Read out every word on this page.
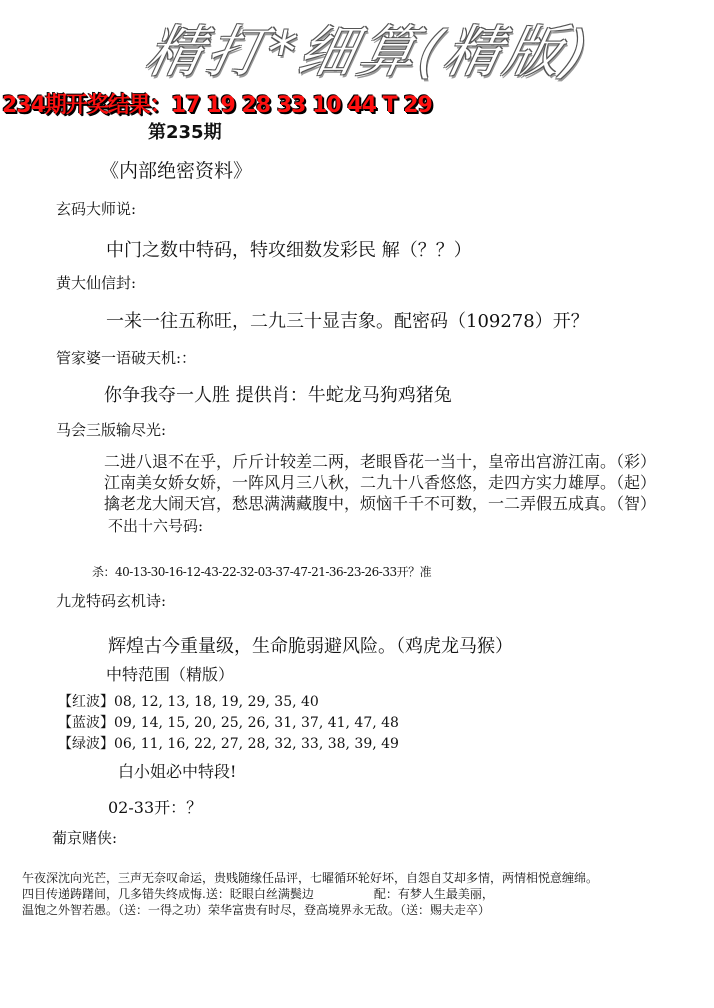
精打*细算(精版)
234期开奖结果：17 19 28 33 10 44 T 29
第235期
《内部绝密资料》
玄码大师说:
中门之数中特码，特攻细数发彩民 解（？？）
黄大仙信封:
一来一往五称旺，二九三十显吉象。配密码（109278）开？
管家婆一语破天机:：
你争我夺一人胜 提供肖：牛蛇龙马狗鸡猪兔
马会三版输尽光:
二进八退不在乎，斤斤计较差二两，老眼昏花一当十，皇帝出宫游江南。（彩）
江南美女娇女娇，一阵风月三八秋，二九十八香悠悠，走四方实力雄厚。（起）
擒老龙大闹天宫，愁思满满藏腹中，烦恼千千不可数，一二弄假五成真。（智）
不出十六号码:
杀：40-13-30-16-12-43-22-32-03-37-47-21-36-23-26-33开？准
九龙特码玄机诗:
辉煌古今重量级，生命脆弱避风险。（鸡虎龙马猴）
中特范围（精版）
【红波】08, 12, 13, 18, 19, 29, 35, 40
【蓝波】09, 14, 15, 20, 25, 26, 31, 37, 41, 47, 48
【绿波】06, 11, 16, 22, 27, 28, 32, 33, 38, 39, 49
白小姐必中特段!
02-33开：？
葡京赌侠:
午夜深沈向光芒，三声无奈叹命运，贵贱随缘任品评，七曜循环轮好坏，自怨自艾却多情，两情相悦意缠绵。
四目传递踌躇间，几多错失终成悔.送：眨眼白丝满鬓边　　　　　配：有梦人生最美丽，
温饱之外智若愚。（送：一得之功）荣华富贵有时尽，登高境界永无敌。（送：赐夫走卒）
